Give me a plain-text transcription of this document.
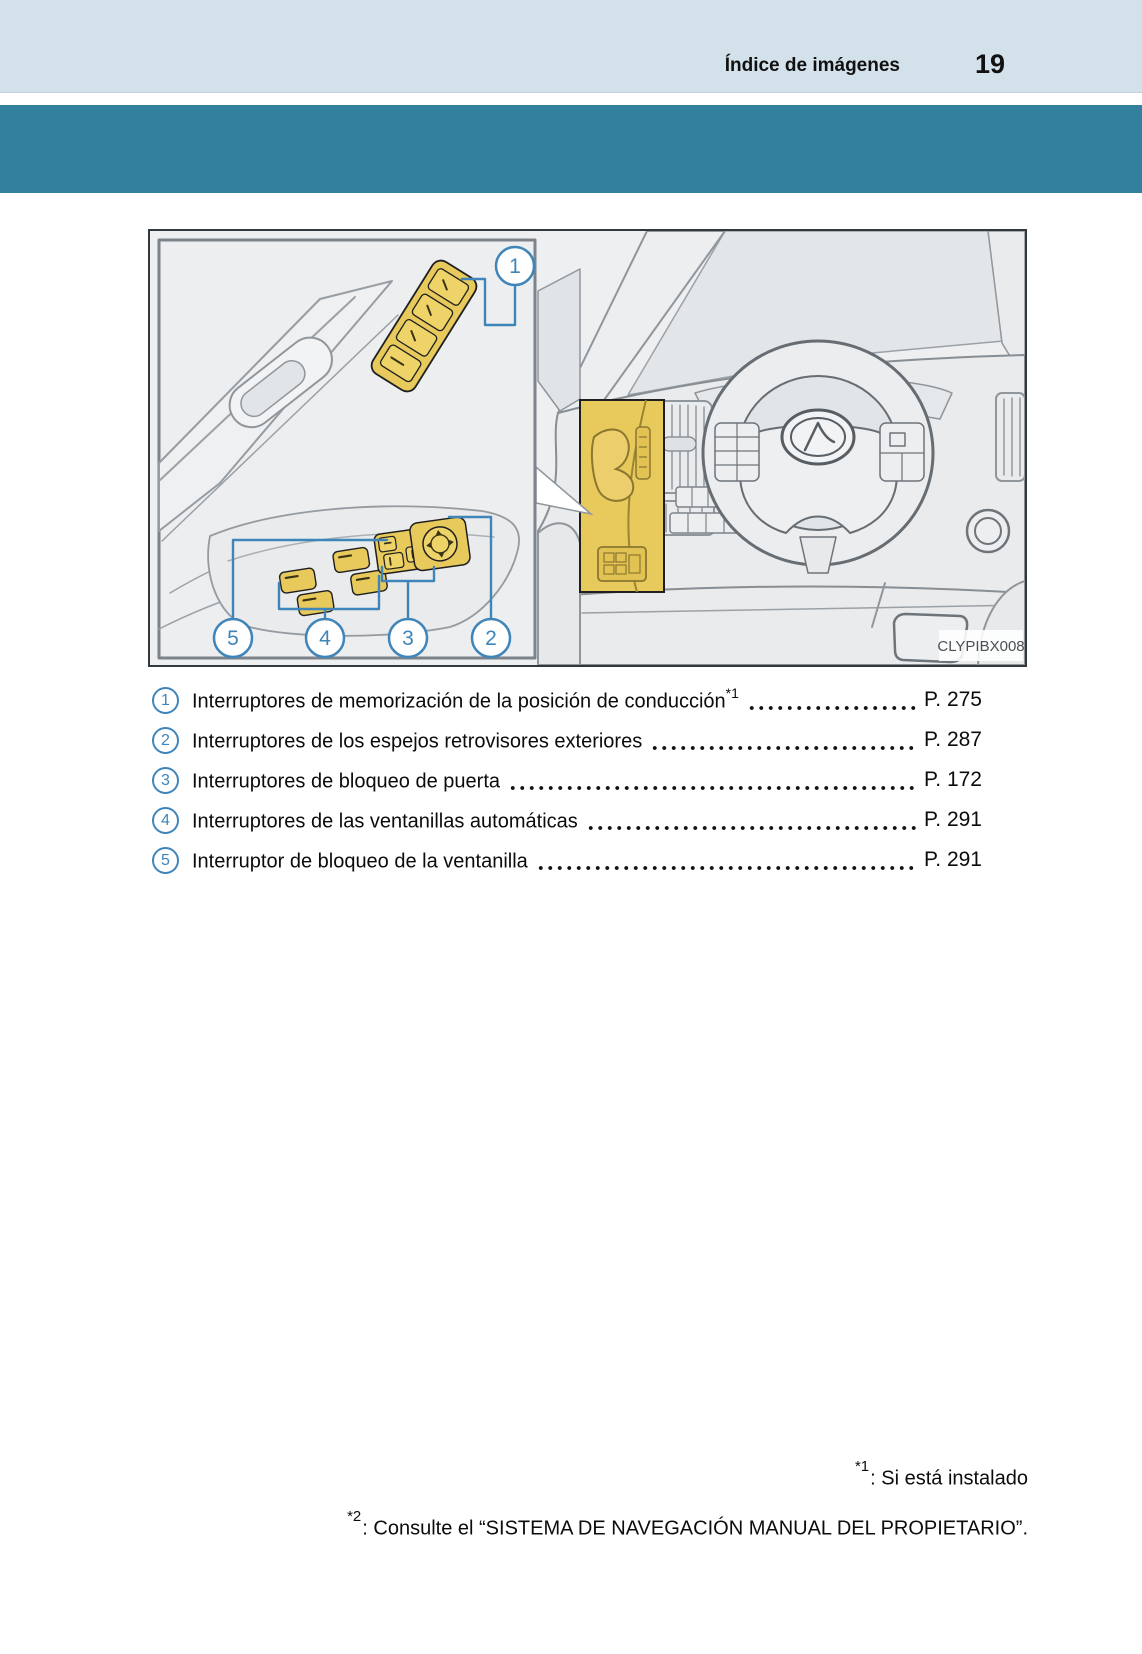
Índice de imágenes	19
1
5	4	3	2	CLYPIBX008
1	Interruptores de memorización de la posición de conducción$^{*1}$	P. 275
2	Interruptores de los espejos retrovisores exteriores	P. 287
3	Interruptores de bloqueo de puerta	P. 172
4	Interruptores de las ventanillas automáticas	P. 291
5	Interruptor de bloqueo de la ventanilla	P. 291
$^{*1}$: Si está instalado
$^{*2}$: Consulte el “SISTEMA DE NAVEGACIÓN MANUAL DEL PROPIETARIO”.
